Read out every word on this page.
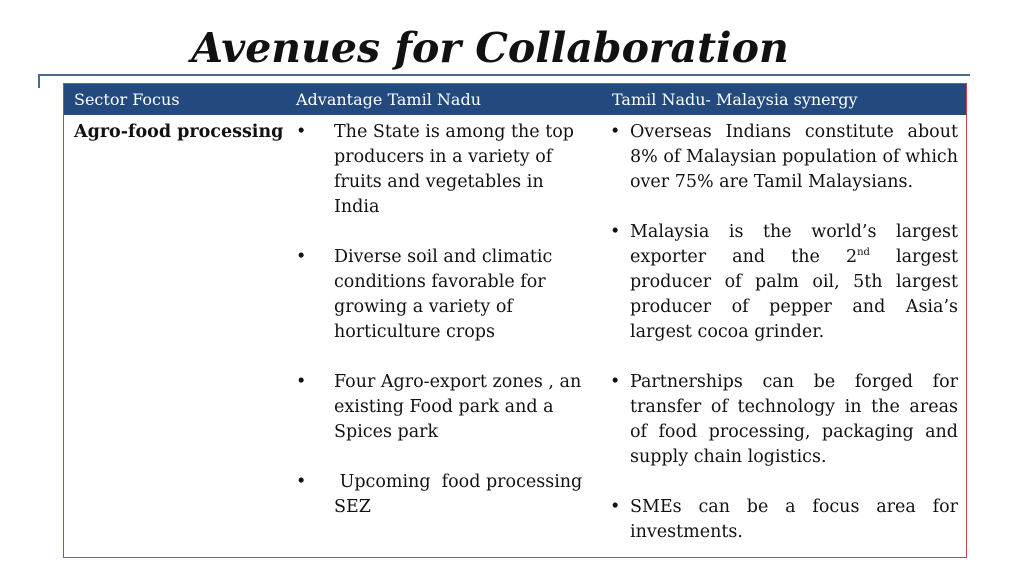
Avenues for Collaboration
Sector Focus	Advantage Tamil Nadu	Tamil Nadu- Malaysia synergy
Agro-food processing • The State is among the top producers in a variety of fruits and vegetables in India
• Diverse soil and climatic conditions favorable for growing a variety of horticulture crops
• Four Agro-export zones , an existing Food park and a Spices park
• Upcoming  food processing SEZ
• Overseas Indians constitute about 8% of Malaysian population of which over 75% are Tamil Malaysians.
• Malaysia is the world’s largest exporter and the 2nd largest producer of palm oil, 5th largest producer of pepper and Asia’s largest cocoa grinder.
• Partnerships can be forged for transfer of technology in the areas of food processing, packaging and supply chain logistics.
• SMEs can be a focus area for investments.
